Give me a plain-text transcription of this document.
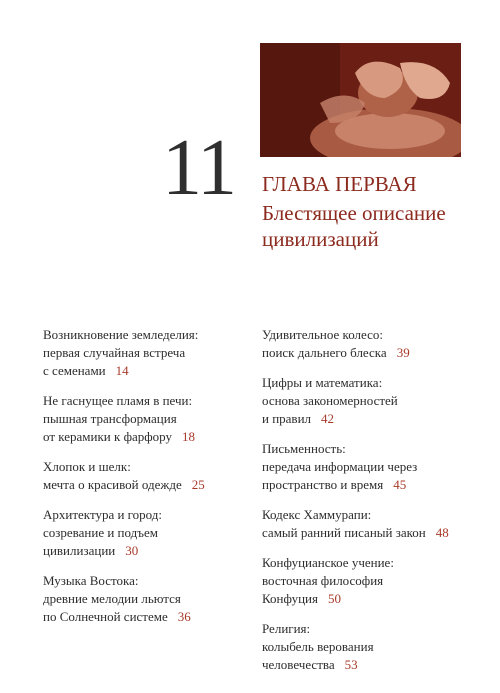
11 ГЛАВА ПЕРВАЯ
Блестящее описание
цивилизаций
Возникновение земледелия:
первая случайная встреча
с семенами 14
Не гаснущее пламя в печи:
пышная трансформация
от керамики к фарфору 18
Хлопок и шелк:
мечта о красивой одежде 25
Архитектура и город:
созревание и подъем
цивилизации 30
Музыка Востока:
древние мелодии льются
по Солнечной системе 36
Удивительное колесо:
поиск дальнего блеска 39
Цифры и математика:
основа закономерностей
и правил 42
Письменность:
передача информации через
пространство и время 45
Кодекс Хаммурапи:
самый ранний писаный закон 48
Конфуцианское учение:
восточная философия
Конфуция 50
Религия:
колыбель верования
человечества 53
